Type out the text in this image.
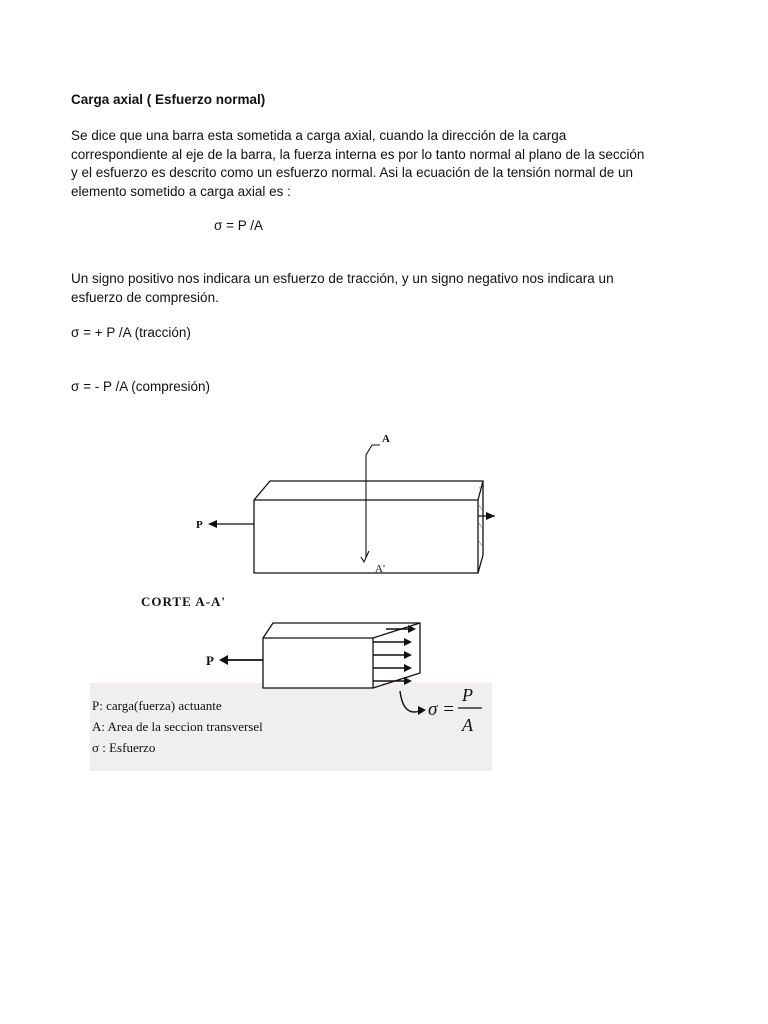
Carga axial ( Esfuerzo normal)

Se dice que una barra esta sometida a carga axial, cuando la dirección de la carga
correspondiente al eje de la barra, la fuerza interna es por lo tanto normal al plano de la sección
y el esfuerzo es descrito como un esfuerzo normal. Asi la ecuación de la tensión normal de un
elemento sometido a carga axial es :

σ = P /A

Un signo positivo nos indicara un esfuerzo de tracción, y un signo negativo nos indicara un
esfuerzo de compresión.

σ = + P /A (tracción)

σ = - P /A (compresión)

A
A'
P
CORTE A-A'
P
σ =
P
A
P: carga(fuerza) actuante
A: Area de la seccion transversel
σ : Esfuerzo
